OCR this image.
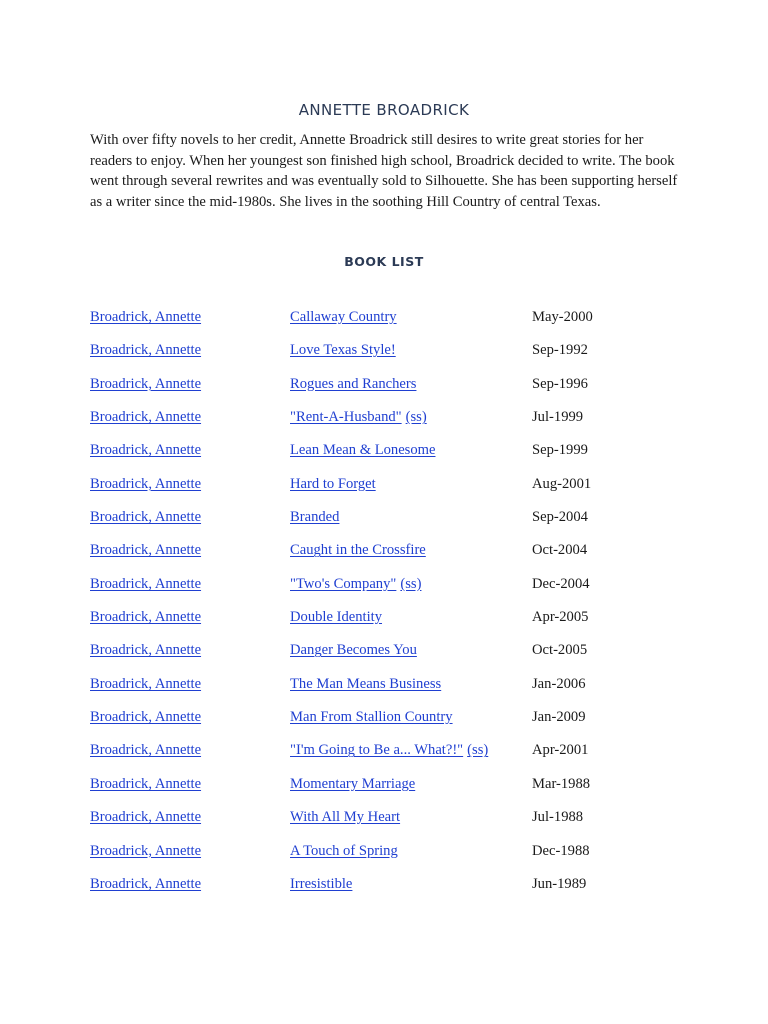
ANNETTE BROADRICK

With over fifty novels to her credit, Annette Broadrick still desires to write great stories for her readers to enjoy. When her youngest son finished high school, Broadrick decided to write. The book went through several rewrites and was eventually sold to Silhouette. She has been supporting herself as a writer since the mid-1980s. She lives in the soothing Hill Country of central Texas.

BOOK LIST
Broadrick, Annette	Callaway Country	May-2000
Broadrick, Annette	Love Texas Style!	Sep-1992
Broadrick, Annette	Rogues and Ranchers	Sep-1996
Broadrick, Annette	"Rent-A-Husband" (ss)	Jul-1999
Broadrick, Annette	Lean Mean & Lonesome	Sep-1999
Broadrick, Annette	Hard to Forget	Aug-2001
Broadrick, Annette	Branded	Sep-2004
Broadrick, Annette	Caught in the Crossfire	Oct-2004
Broadrick, Annette	"Two's Company" (ss)	Dec-2004
Broadrick, Annette	Double Identity	Apr-2005
Broadrick, Annette	Danger Becomes You	Oct-2005
Broadrick, Annette	The Man Means Business	Jan-2006
Broadrick, Annette	Man From Stallion Country	Jan-2009
Broadrick, Annette	"I'm Going to Be a... What?!" (ss)	Apr-2001
Broadrick, Annette	Momentary Marriage	Mar-1988
Broadrick, Annette	With All My Heart	Jul-1988
Broadrick, Annette	A Touch of Spring	Dec-1988
Broadrick, Annette	Irresistible	Jun-1989
